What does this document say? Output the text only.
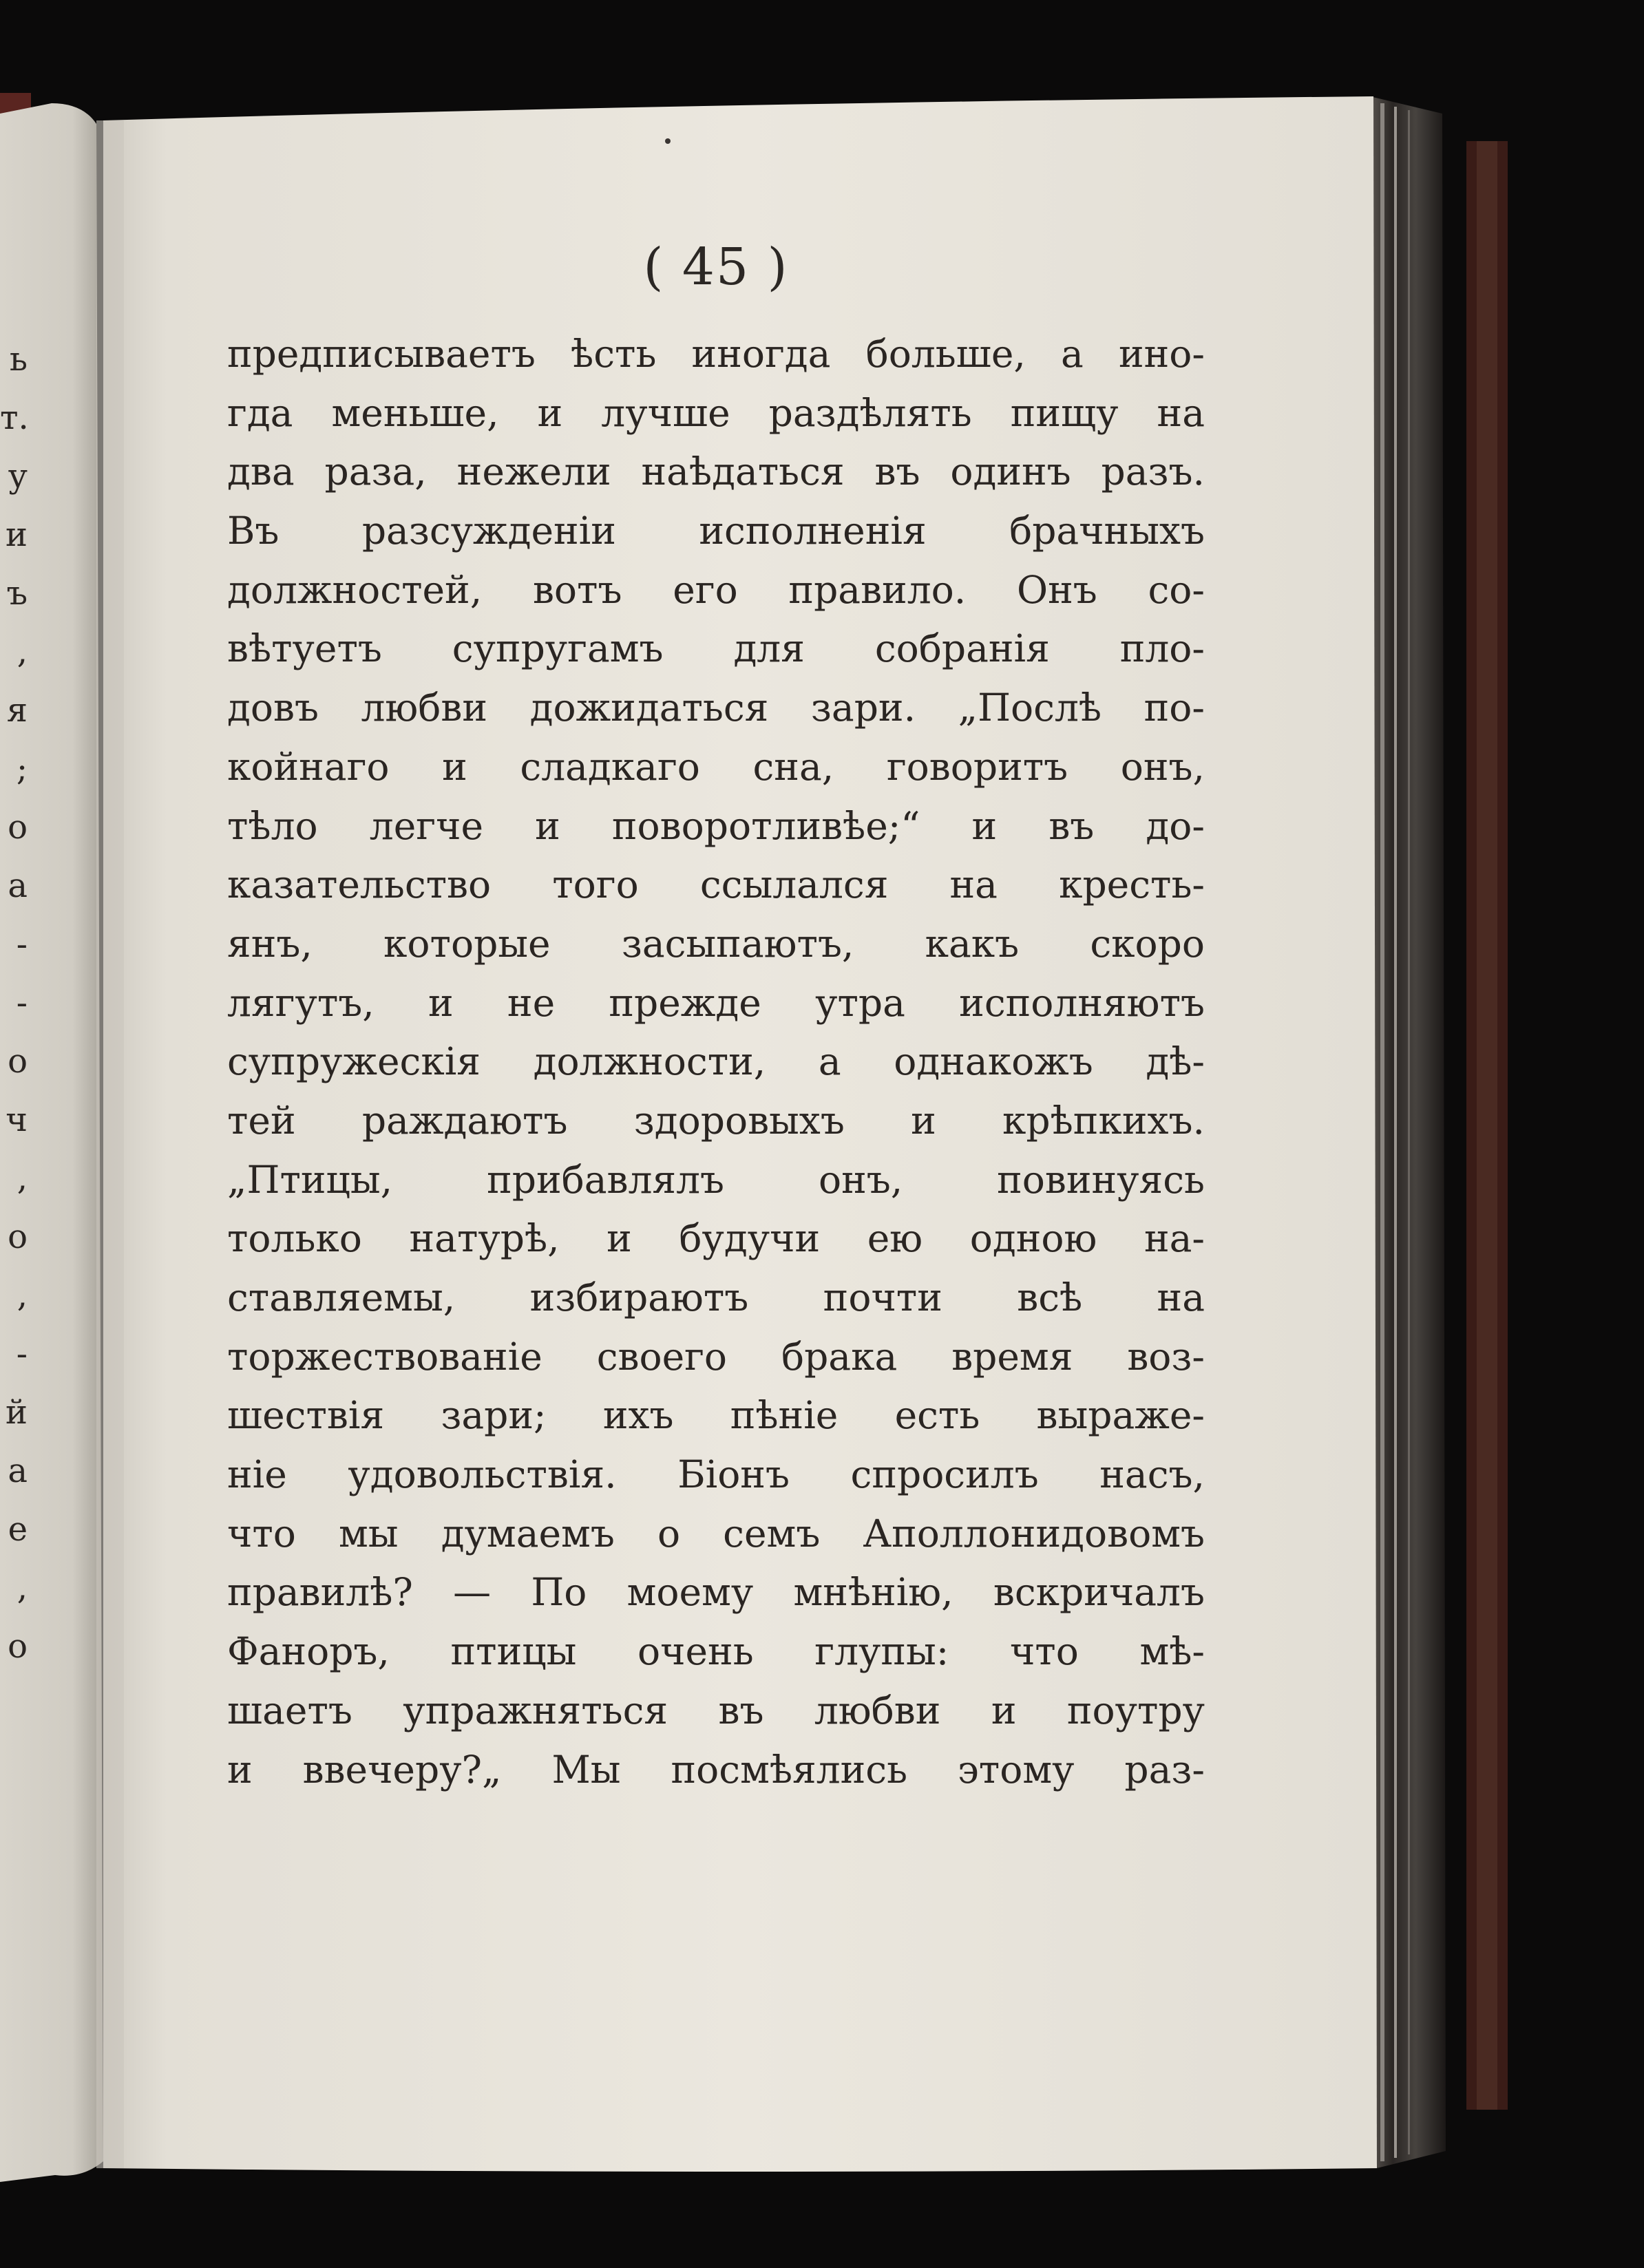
ь
т.
у
и
ъ
,
я
;
о
а
-
-
о
ч
,
о
,
-
й
а
е
,
о
( 45 )
предписываетъ ѣсть иногда больше, а ино-
гда меньше, и лучше раздѣлять пищу на
два раза, нежели наѣдаться въ одинъ разъ.
Въ разсужденіи исполненія брачныхъ
должностей, вотъ его правило. Онъ со-
вѣтуетъ супругамъ для собранія пло-
довъ любви дожидаться зари. „Послѣ по-
койнаго и сладкаго сна, говоритъ онъ,
тѣло легче и поворотливѣе;“ и въ до-
казательство того ссылался на кресть-
янъ, которые засыпаютъ, какъ скоро
лягутъ, и не прежде утра исполняютъ
супружескія должности, а однакожъ дѣ-
тей раждаютъ здоровыхъ и крѣпкихъ.
„Птицы, прибавлялъ онъ, повинуясь
только натурѣ, и будучи ею одною на-
ставляемы, избираютъ почти всѣ на
торжествованіе своего брака время воз-
шествія зари; ихъ пѣніе есть выраже-
ніе удовольствія. Біонъ спросилъ насъ,
что мы думаемъ о семъ Аполлонидовомъ
правилѣ? — По моему мнѣнію, вскричалъ
Фаноръ, птицы очень глупы: что мѣ-
шаетъ упражняться въ любви и поутру
и ввечеру?„ Мы посмѣялись этому раз-
